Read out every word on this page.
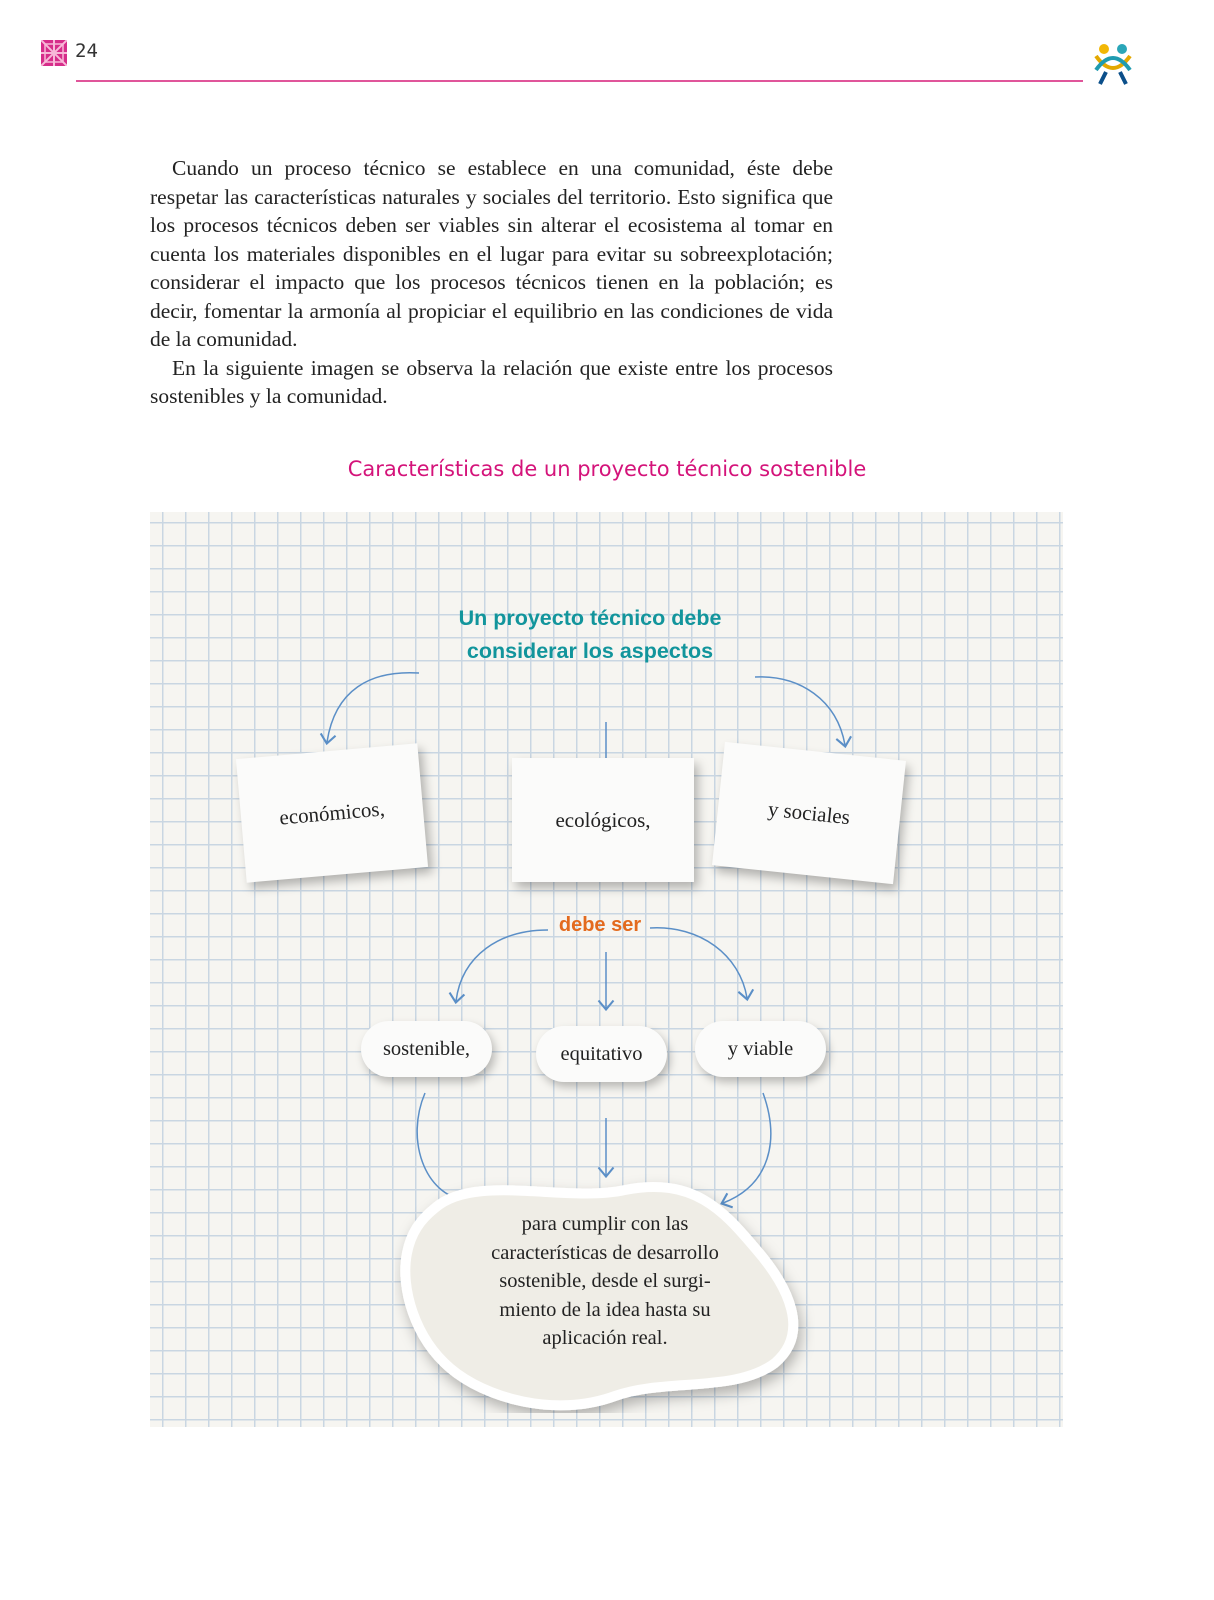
24

Cuando un proceso técnico se establece en una comunidad, éste debe respetar las características naturales y sociales del territorio. Esto significa que los procesos técnicos deben ser viables sin alterar el ecosistema al tomar en cuenta los materiales disponibles en el lugar para evitar su sobreexplotación; considerar el impacto que los procesos técnicos tienen en la población; es decir, fomentar la armonía al propiciar el equilibrio en las condiciones de vida de la comunidad.

En la siguiente imagen se observa la relación que existe entre los procesos sostenibles y la comunidad.

Características de un proyecto técnico sostenible
Un proyecto técnico debe
considerar los aspectos
económicos,	ecológicos,	y sociales
debe ser
sostenible,	equitativo	y viable
para cumplir con las
características de desarrollo
sostenible, desde el surgi-
miento de la idea hasta su
aplicación real.
